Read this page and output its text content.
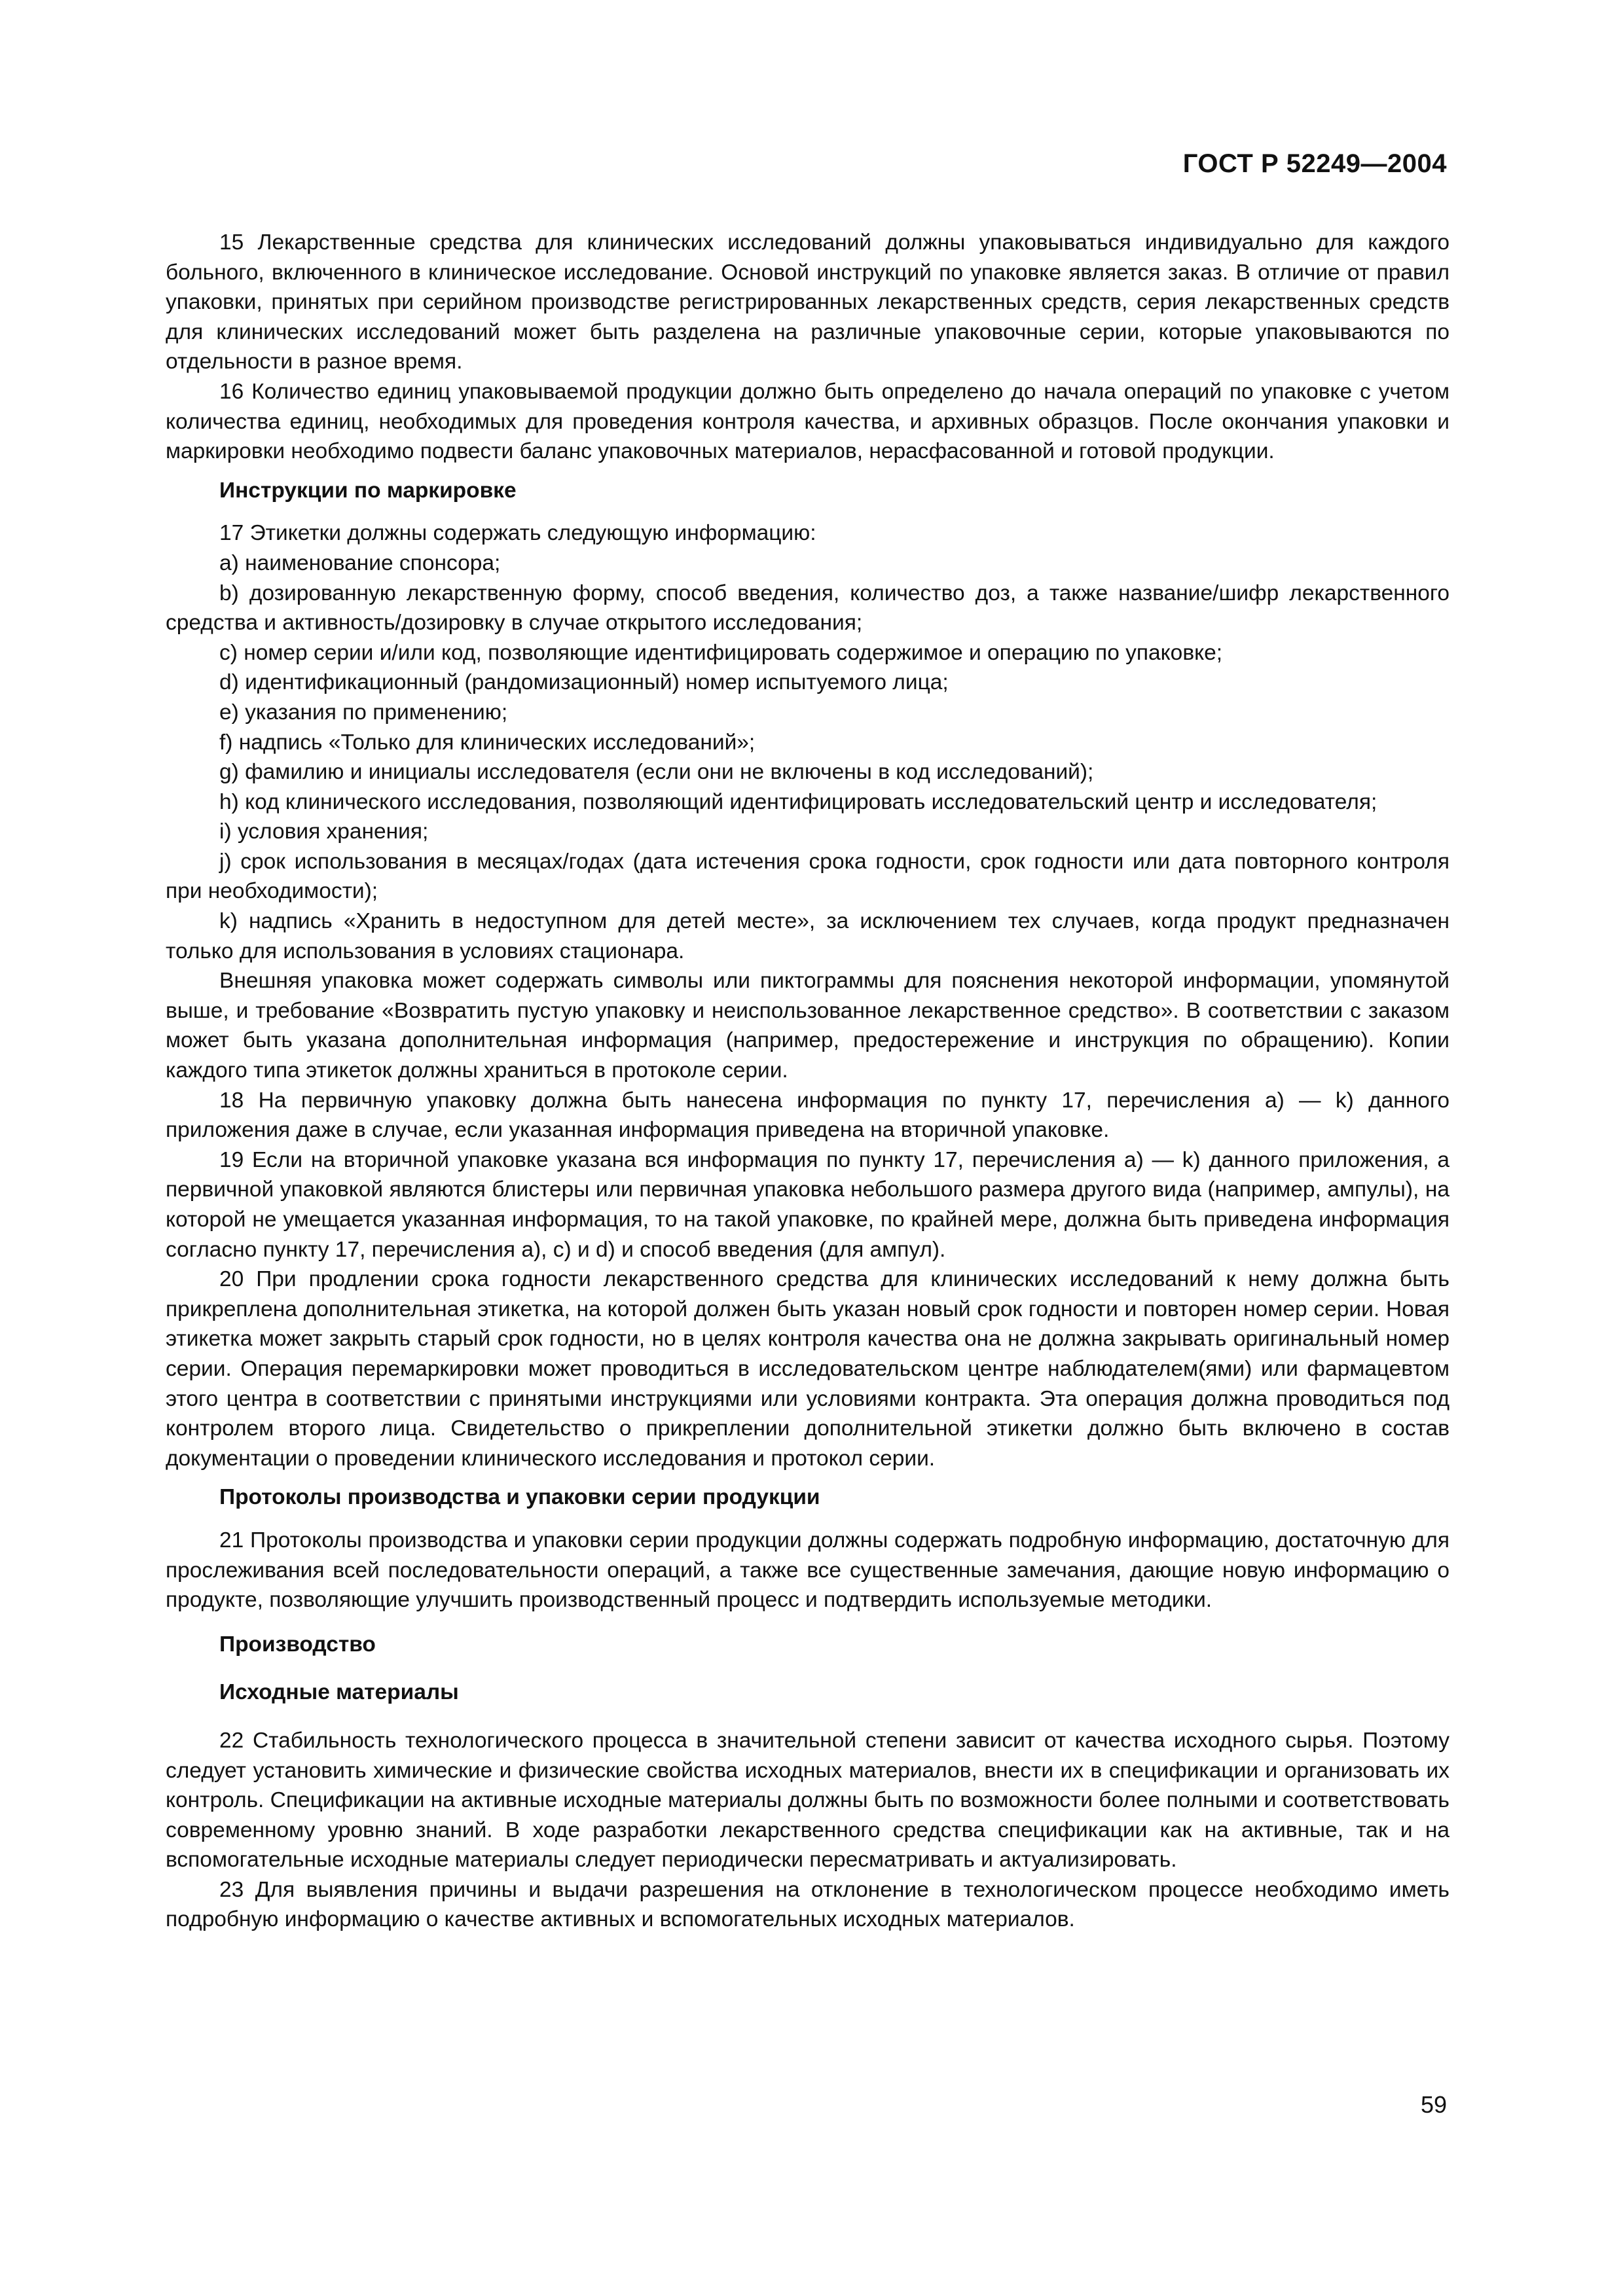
ГОСТ Р 52249—2004

15 Лекарственные средства для клинических исследований должны упаковываться индивидуально для каждого больного, включенного в клиническое исследование. Основой инструкций по упаковке является заказ. В отличие от правил упаковки, принятых при серийном производстве регистрированных лекарственных средств, серия лекарственных средств для клинических исследований может быть разделена на различные упаковочные серии, которые упаковываются по отдельности в разное время.

16 Количество единиц упаковываемой продукции должно быть определено до начала операций по упаковке с учетом количества единиц, необходимых для проведения контроля качества, и архивных образцов. После окончания упаковки и маркировки необходимо подвести баланс упаковочных материалов, нерасфасованной и готовой продукции.

Инструкции по маркировке

17 Этикетки должны содержать следующую информацию:

a) наименование спонсора;

b) дозированную лекарственную форму, способ введения, количество доз, а также название/шифр лекарственного средства и активность/дозировку в случае открытого исследования;

c) номер серии и/или код, позволяющие идентифицировать содержимое и операцию по упаковке;

d) идентификационный (рандомизационный) номер испытуемого лица;

e) указания по применению;

f) надпись «Только для клинических исследований»;

g) фамилию и инициалы исследователя (если они не включены в код исследований);

h) код клинического исследования, позволяющий идентифицировать исследовательский центр и исследователя;

i) условия хранения;

j) срок использования в месяцах/годах (дата истечения срока годности, срок годности или дата повторного контроля при необходимости);

k) надпись «Хранить в недоступном для детей месте», за исключением тех случаев, когда продукт предназначен только для использования в условиях стационара.

Внешняя упаковка может содержать символы или пиктограммы для пояснения некоторой информации, упомянутой выше, и требование «Возвратить пустую упаковку и неиспользованное лекарственное средство». В соответствии с заказом может быть указана дополнительная информация (например, предостережение и инструкция по обращению). Копии каждого типа этикеток должны храниться в протоколе серии.

18 На первичную упаковку должна быть нанесена информация по пункту 17, перечисления a) — k) данного приложения даже в случае, если указанная информация приведена на вторичной упаковке.

19 Если на вторичной упаковке указана вся информация по пункту 17, перечисления a) — k) данного приложения, а первичной упаковкой являются блистеры или первичная упаковка небольшого размера другого вида (например, ампулы), на которой не умещается указанная информация, то на такой упаковке, по крайней мере, должна быть приведена информация согласно пункту 17, перечисления a), c) и d) и способ введения (для ампул).

20 При продлении срока годности лекарственного средства для клинических исследований к нему должна быть прикреплена дополнительная этикетка, на которой должен быть указан новый срок годности и повторен номер серии. Новая этикетка может закрыть старый срок годности, но в целях контроля качества она не должна закрывать оригинальный номер серии. Операция перемаркировки может проводиться в исследовательском центре наблюдателем(ями) или фармацевтом этого центра в соответствии с принятыми инструкциями или условиями контракта. Эта операция должна проводиться под контролем второго лица. Свидетельство о прикреплении дополнительной этикетки должно быть включено в состав документации о проведении клинического исследования и протокол серии.

Протоколы производства и упаковки серии продукции

21 Протоколы производства и упаковки серии продукции должны содержать подробную информацию, достаточную для прослеживания всей последовательности операций, а также все существенные замечания, дающие новую информацию о продукте, позволяющие улучшить производственный процесс и подтвердить используемые методики.

Производство

Исходные материалы

22 Стабильность технологического процесса в значительной степени зависит от качества исходного сырья. Поэтому следует установить химические и физические свойства исходных материалов, внести их в спецификации и организовать их контроль. Спецификации на активные исходные материалы должны быть по возможности более полными и соответствовать современному уровню знаний. В ходе разработки лекарственного средства спецификации как на активные, так и на вспомогательные исходные материалы следует периодически пересматривать и актуализировать.

23 Для выявления причины и выдачи разрешения на отклонение в технологическом процессе необходимо иметь подробную информацию о качестве активных и вспомогательных исходных материалов.

59
